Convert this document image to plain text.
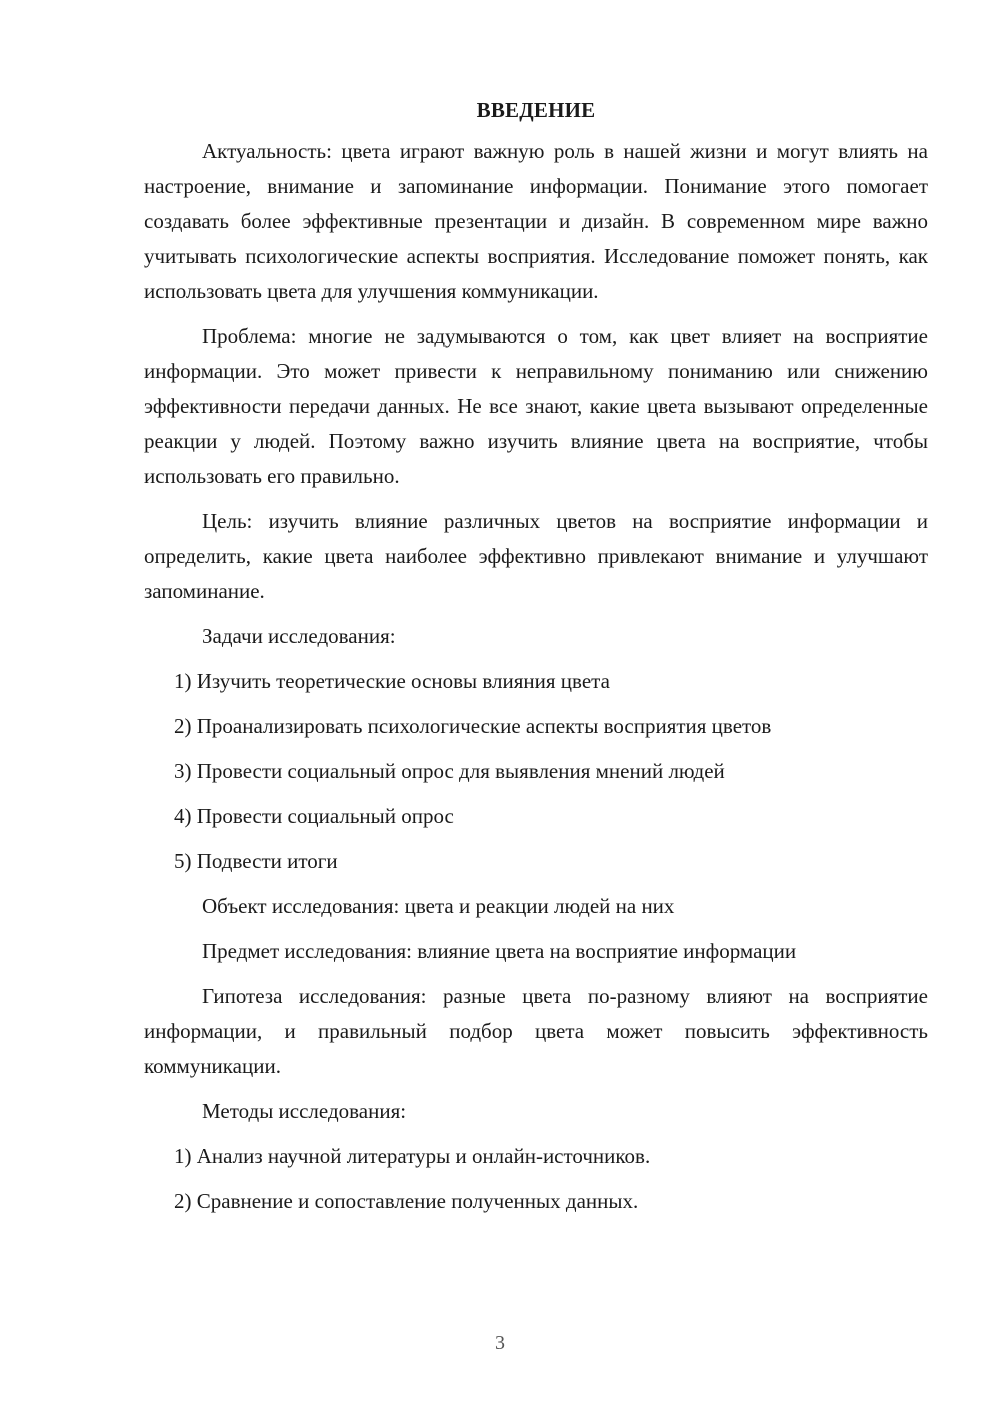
ВВЕДЕНИЕ

Актуальность: цвета играют важную роль в нашей жизни и могут влиять на настроение, внимание и запоминание информации. Понимание этого помогает создавать более эффективные презентации и дизайн. В современном мире важно учитывать психологические аспекты восприятия. Исследование поможет понять, как использовать цвета для улучшения коммуникации.

Проблема: многие не задумываются о том, как цвет влияет на восприятие информации. Это может привести к неправильному пониманию или снижению эффективности передачи данных. Не все знают, какие цвета вызывают определенные реакции у людей. Поэтому важно изучить влияние цвета на восприятие, чтобы использовать его правильно.

Цель: изучить влияние различных цветов на восприятие информации и определить, какие цвета наиболее эффективно привлекают внимание и улучшают запоминание.

Задачи исследования:
1) Изучить теоретические основы влияния цвета
2) Проанализировать психологические аспекты восприятия цветов
3) Провести социальный опрос для выявления мнений людей
4) Провести социальный опрос
5) Подвести итоги
Объект исследования: цвета и реакции людей на них
Предмет исследования: влияние цвета на восприятие информации

Гипотеза исследования: разные цвета по-разному влияют на восприятие информации, и правильный подбор цвета может повысить эффективность коммуникации.

Методы исследования:
1) Анализ научной литературы и онлайн-источников.
2) Сравнение и сопоставление полученных данных.
3
